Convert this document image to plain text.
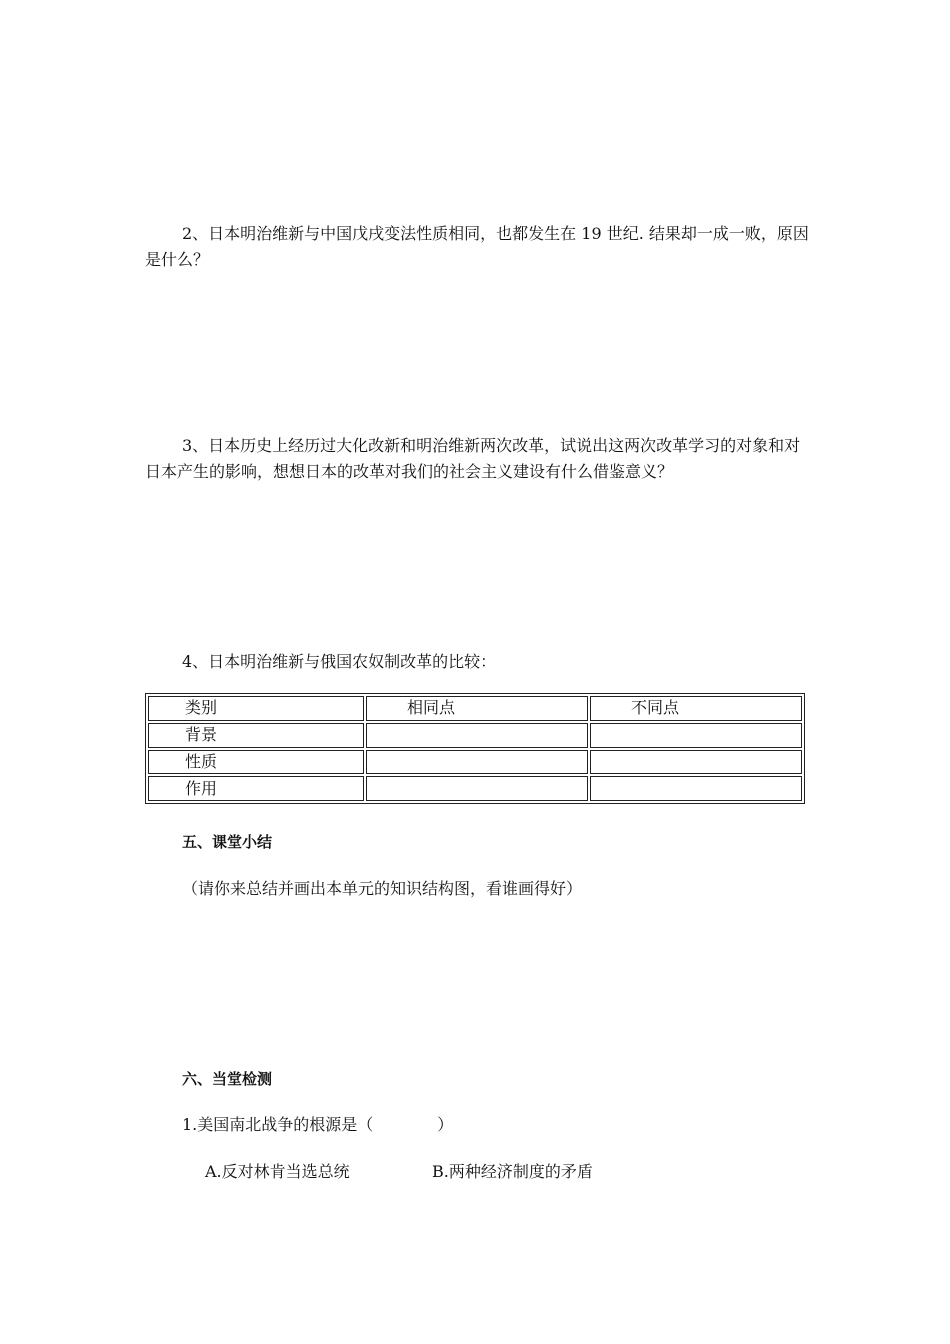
2、日本明治维新与中国戊戌变法性质相同，也都发生在 19 世纪. 结果却一成一败，原因是什么？
3、日本历史上经历过大化改新和明治维新两次改革，试说出这两次改革学习的对象和对日本产生的影响，想想日本的改革对我们的社会主义建设有什么借鉴意义？
4、日本明治维新与俄国农奴制改革的比较：
类别	相同点	不同点
背景		
性质		
作用		
五、课堂小结
（请你来总结并画出本单元的知识结构图，看谁画得好）
六、当堂检测
1.美国南北战争的根源是（　　　　）
A.反对林肯当选总统	B.两种经济制度的矛盾
